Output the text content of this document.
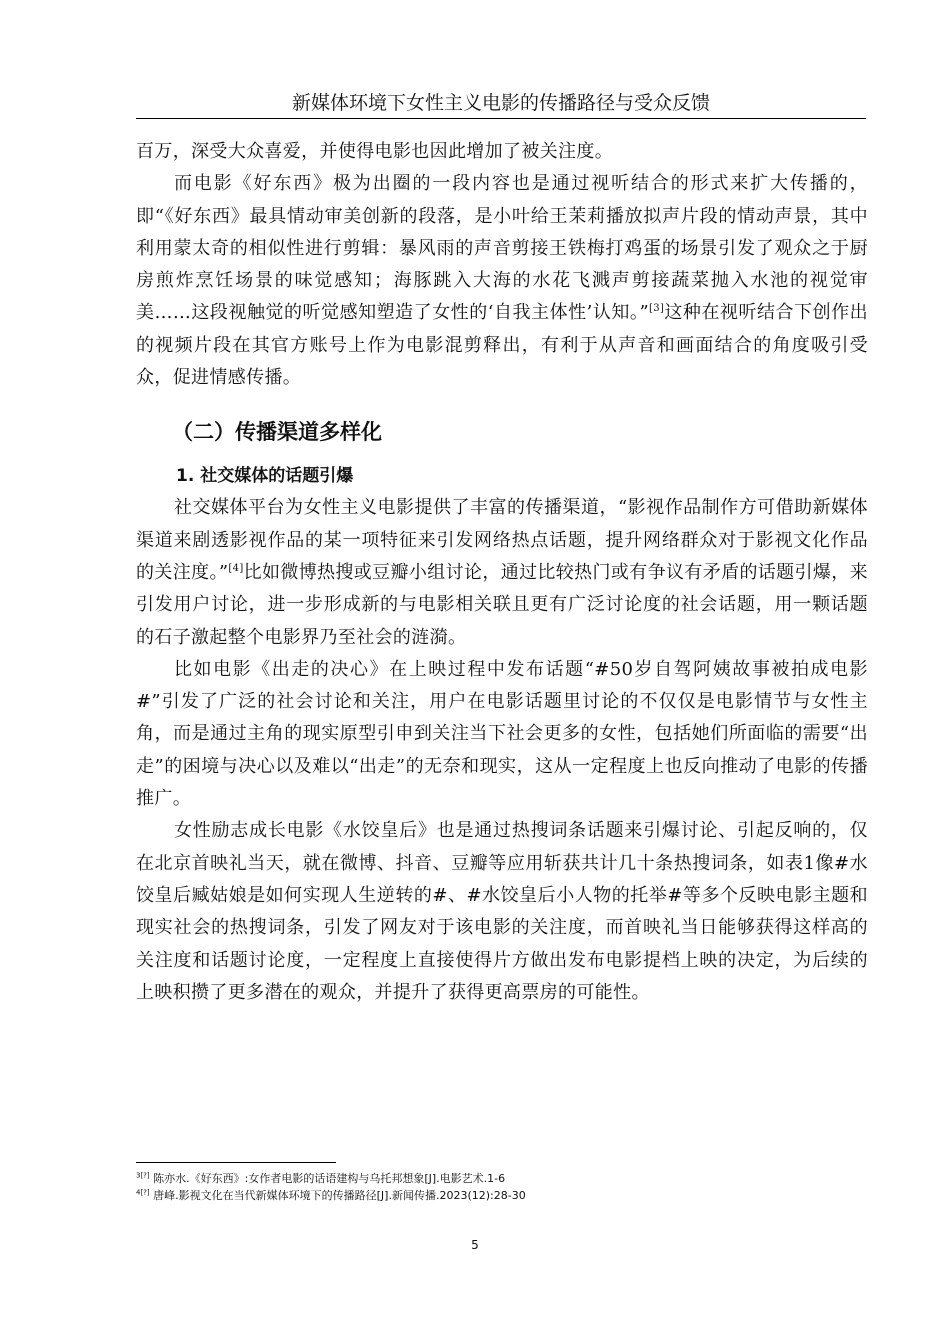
新媒体环境下女性主义电影的传播路径与受众反馈

百万，深受大众喜爱，并使得电影也因此增加了被关注度。

而电影《好东西》极为出圈的一段内容也是通过视听结合的形式来扩大传播的，即“《好东西》最具情动审美创新的段落，是小叶给王茉莉播放拟声片段的情动声景，其中利用蒙太奇的相似性进行剪辑：暴风雨的声音剪接王铁梅打鸡蛋的场景引发了观众之于厨房煎炸烹饪场景的味觉感知；海豚跳入大海的水花飞溅声剪接蔬菜抛入水池的视觉审美……这段视触觉的听觉感知塑造了女性的‘自我主体性’认知。”[3]这种在视听结合下创作出的视频片段在其官方账号上作为电影混剪释出，有利于从声音和画面结合的角度吸引受众，促进情感传播。

（二）传播渠道多样化
1. 社交媒体的话题引爆

社交媒体平台为女性主义电影提供了丰富的传播渠道，“影视作品制作方可借助新媒体渠道来剧透影视作品的某一项特征来引发网络热点话题，提升网络群众对于影视文化作品的关注度。”[4]比如微博热搜或豆瓣小组讨论，通过比较热门或有争议有矛盾的话题引爆，来引发用户讨论，进一步形成新的与电影相关联且更有广泛讨论度的社会话题，用一颗话题的石子激起整个电影界乃至社会的涟漪。

比如电影《出走的决心》在上映过程中发布话题“#50岁自驾阿姨故事被拍成电影#”引发了广泛的社会讨论和关注，用户在电影话题里讨论的不仅仅是电影情节与女性主角，而是通过主角的现实原型引申到关注当下社会更多的女性，包括她们所面临的需要“出走”的困境与决心以及难以“出走”的无奈和现实，这从一定程度上也反向推动了电影的传播推广。

女性励志成长电影《水饺皇后》也是通过热搜词条话题来引爆讨论、引起反响的，仅在北京首映礼当天，就在微博、抖音、豆瓣等应用斩获共计几十条热搜词条，如表1像#水饺皇后臧姑娘是如何实现人生逆转的#、#水饺皇后小人物的托举#等多个反映电影主题和现实社会的热搜词条，引发了网友对于该电影的关注度，而首映礼当日能够获得这样高的关注度和话题讨论度，一定程度上直接使得片方做出发布电影提档上映的决定，为后续的上映积攒了更多潜在的观众，并提升了获得更高票房的可能性。

$^{3[?]}$ 陈亦水.《好东西》:女作者电影的话语建构与乌托邦想象[J].电影艺术.1-6
$^{4[?]}$ 唐峰.影视文化在当代新媒体环境下的传播路径[J].新闻传播.2023(12):28-30
5
